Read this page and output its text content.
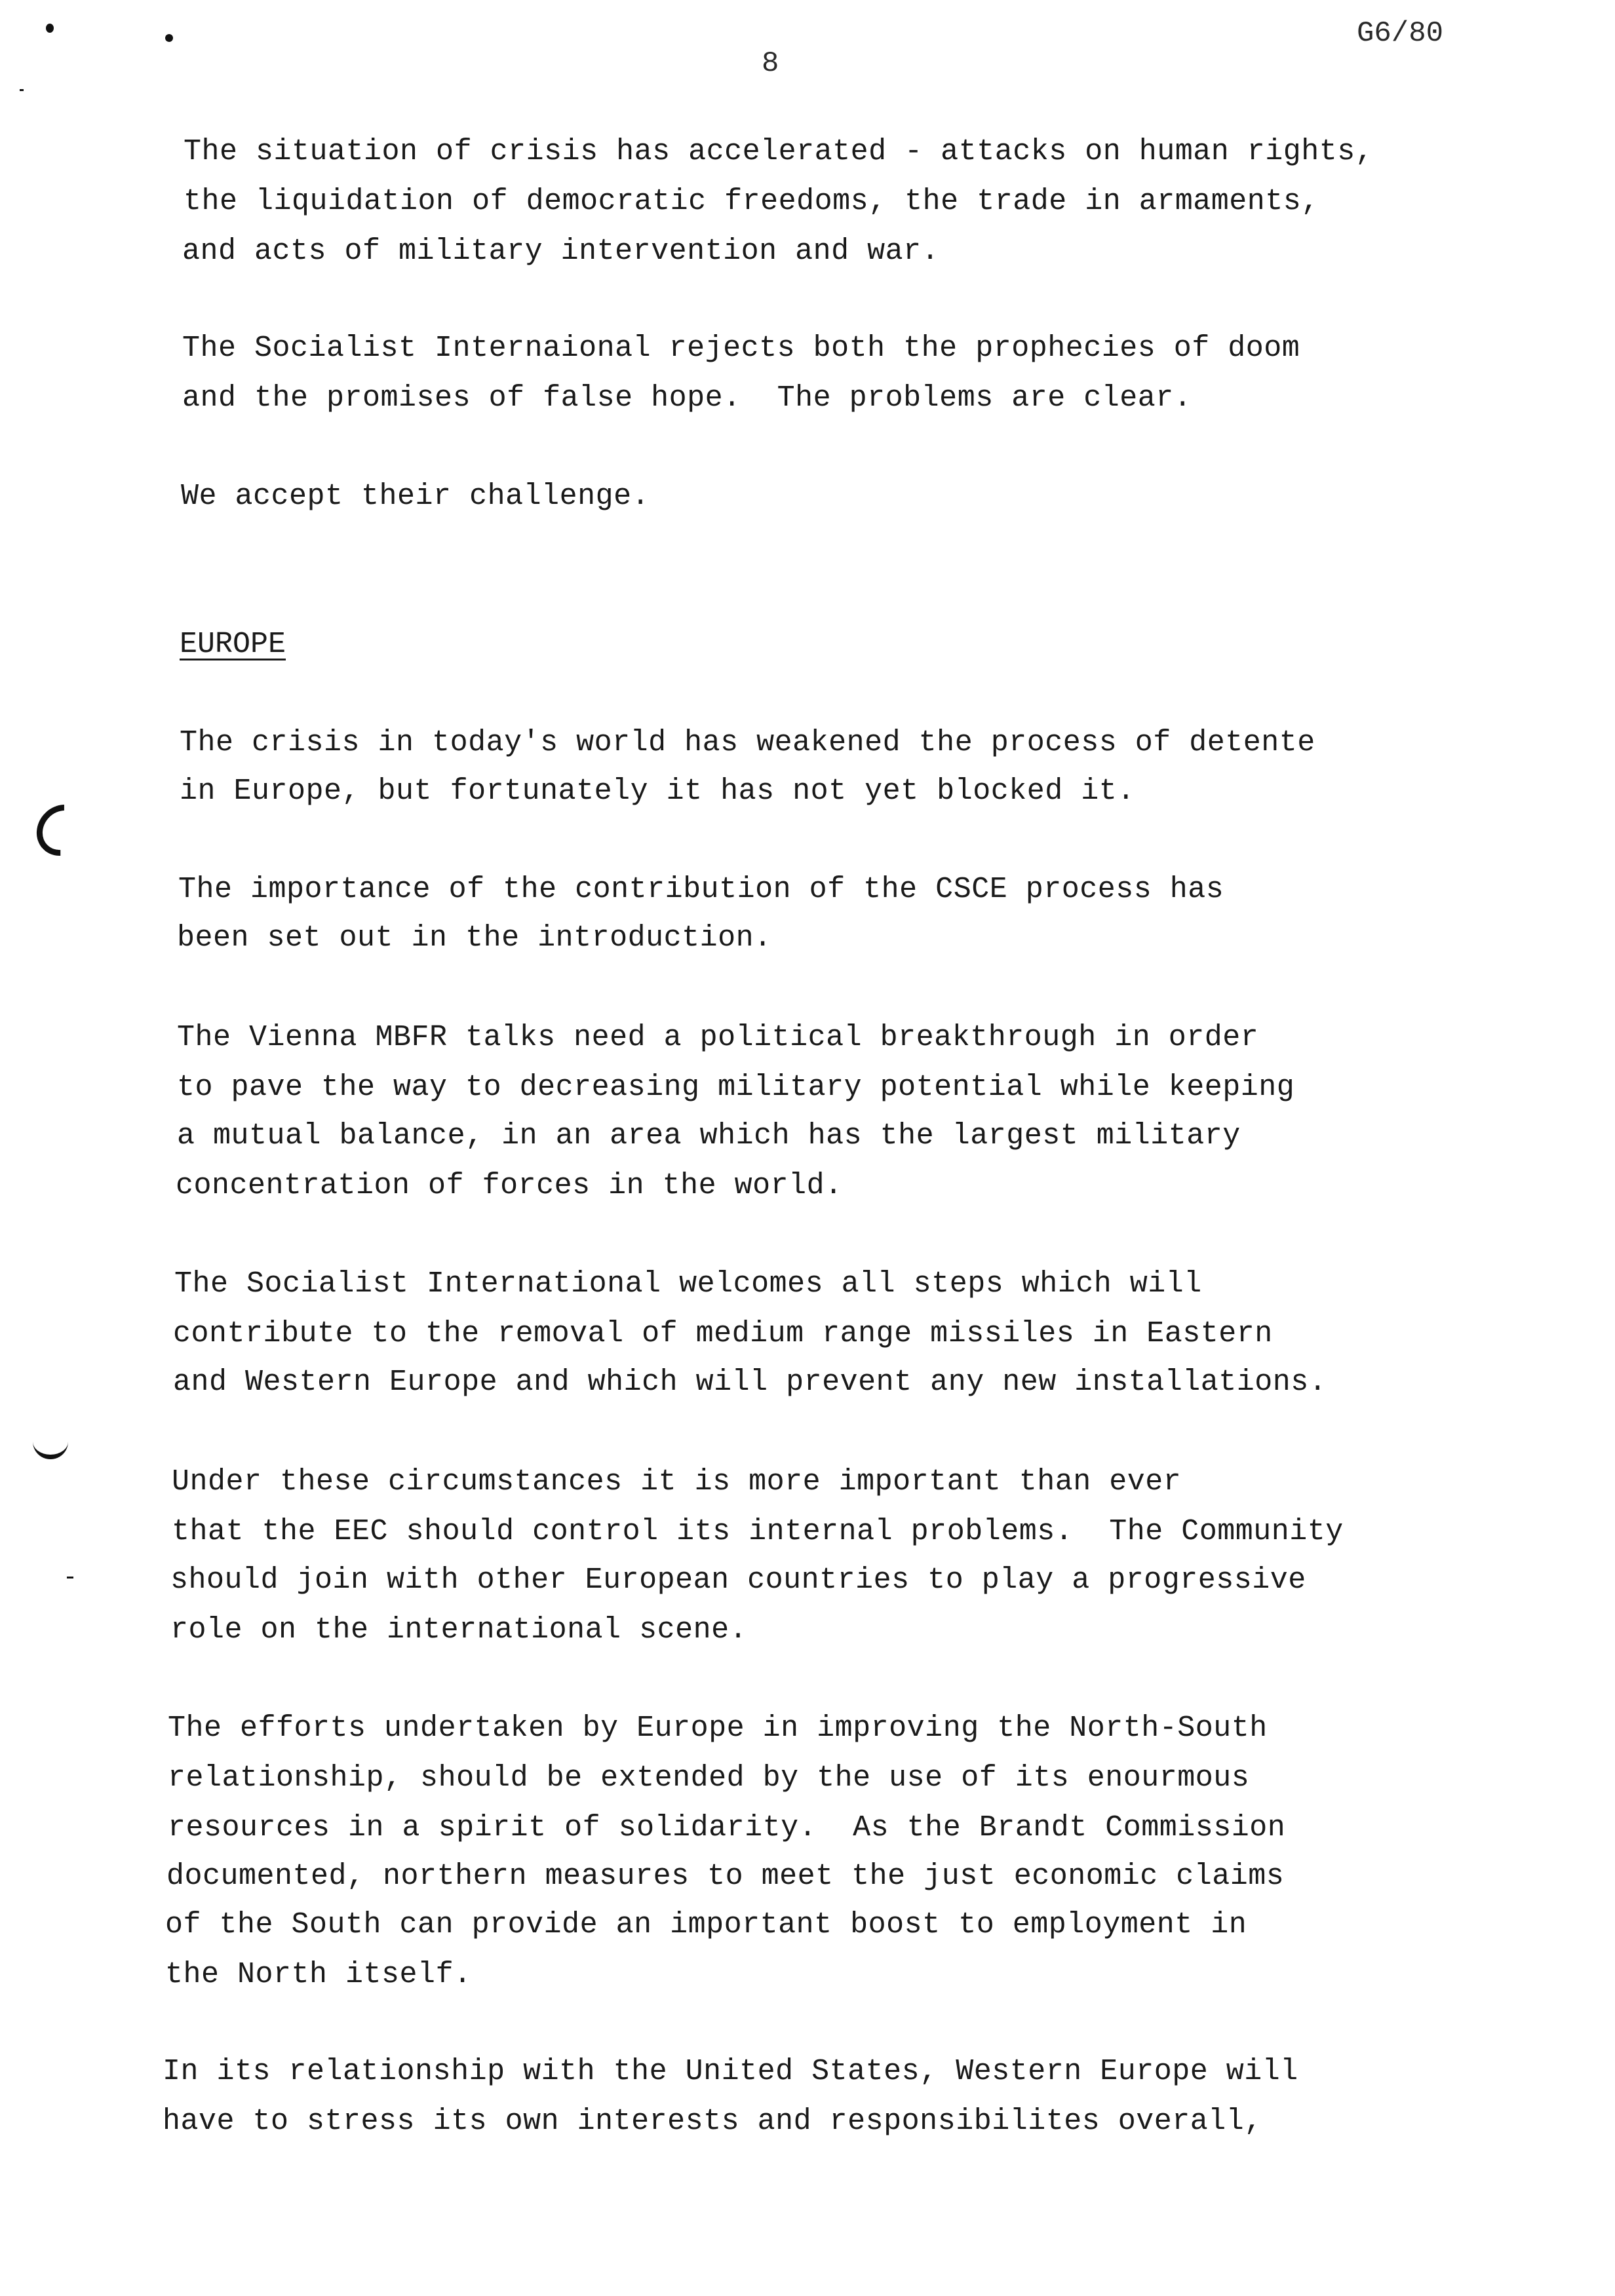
G6/80
8
The situation of crisis has accelerated - attacks on human rights,
the liquidation of democratic freedoms, the trade in armaments,
and acts of military intervention and war.
The Socialist Internaional rejects both the prophecies of doom
and the promises of false hope.  The problems are clear.
We accept their challenge.
EUROPE
The crisis in today's world has weakened the process of detente
in Europe, but fortunately it has not yet blocked it.
The importance of the contribution of the CSCE process has
been set out in the introduction.
The Vienna MBFR talks need a political breakthrough in order
to pave the way to decreasing military potential while keeping
a mutual balance, in an area which has the largest military
concentration of forces in the world.
The Socialist International welcomes all steps which will
contribute to the removal of medium range missiles in Eastern
and Western Europe and which will prevent any new installations.
Under these circumstances it is more important than ever
that the EEC should control its internal problems.  The Community
should join with other European countries to play a progressive
role on the international scene.
The efforts undertaken by Europe in improving the North-South
relationship, should be extended by the use of its enourmous
resources in a spirit of solidarity.  As the Brandt Commission
documented, northern measures to meet the just economic claims
of the South can provide an important boost to employment in
the North itself.
In its relationship with the United States, Western Europe will
have to stress its own interests and responsibilites overall,
